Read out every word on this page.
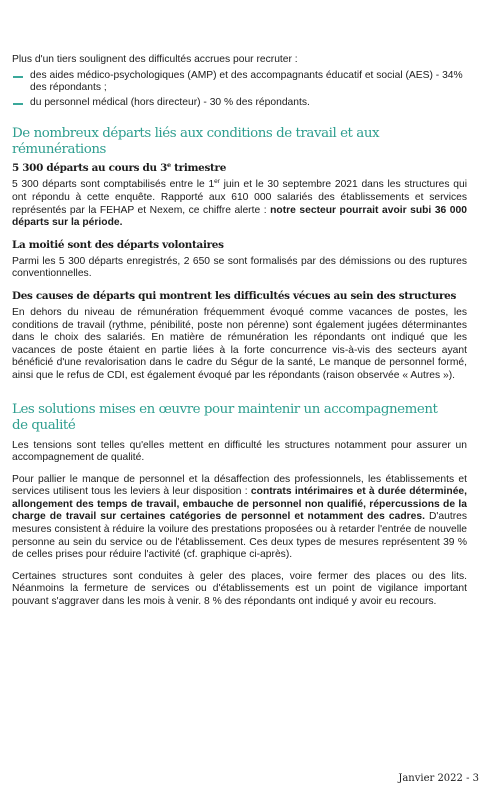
Plus d'un tiers soulignent des difficultés accrues pour recruter :

des aides médico-psychologiques (AMP) et des accompagnants éducatif et social (AES) - 34% des répondants ;
du personnel médical (hors directeur) - 30 % des répondants.
De nombreux départs liés aux conditions de travail et aux rémunérations
5 300 départs au cours du 3e trimestre

5 300 départs sont comptabilisés entre le 1er juin et le 30 septembre 2021 dans les structures qui ont répondu à cette enquête. Rapporté aux 610 000 salariés des établissements et services représentés par la FEHAP et Nexem, ce chiffre alerte : notre secteur pourrait avoir subi 36 000 départs sur la période.

La moitié sont des départs volontaires

Parmi les 5 300 départs enregistrés, 2 650 se sont formalisés par des démissions ou des ruptures conventionnelles.

Des causes de départs qui montrent les difficultés vécues au sein des structures

En dehors du niveau de rémunération fréquemment évoqué comme vacances de postes, les conditions de travail (rythme, pénibilité, poste non pérenne) sont également jugées déterminantes dans le choix des salariés. En matière de rémunération les répondants ont indiqué que les vacances de poste étaient en partie liées à la forte concurrence vis-à-vis des secteurs ayant bénéficié d'une revalorisation dans le cadre du Ségur de la santé, Le manque de personnel formé, ainsi que le refus de CDI, est également évoqué par les répondants (raison observée « Autres »).

Les solutions mises en œuvre pour maintenir un accompagnement
de qualité

Les tensions sont telles qu'elles mettent en difficulté les structures notamment pour assurer un accompagnement de qualité.

Pour pallier le manque de personnel et la désaffection des professionnels, les établissements et services utilisent tous les leviers à leur disposition : contrats intérimaires et à durée déterminée, allongement des temps de travail, embauche de personnel non qualifié, répercussions de la charge de travail sur certaines catégories de personnel et notamment des cadres. D'autres mesures consistent à réduire la voilure des prestations proposées ou à retarder l'entrée de nouvelle personne au sein du service ou de l'établissement. Ces deux types de mesures représentent 39 % de celles prises pour réduire l'activité (cf. graphique ci-après).

Certaines structures sont conduites à geler des places, voire fermer des places ou des lits. Néanmoins la fermeture de services ou d'établissements est un point de vigilance important pouvant s'aggraver dans les mois à venir. 8 % des répondants ont indiqué y avoir eu recours.

Janvier 2022 - 3
